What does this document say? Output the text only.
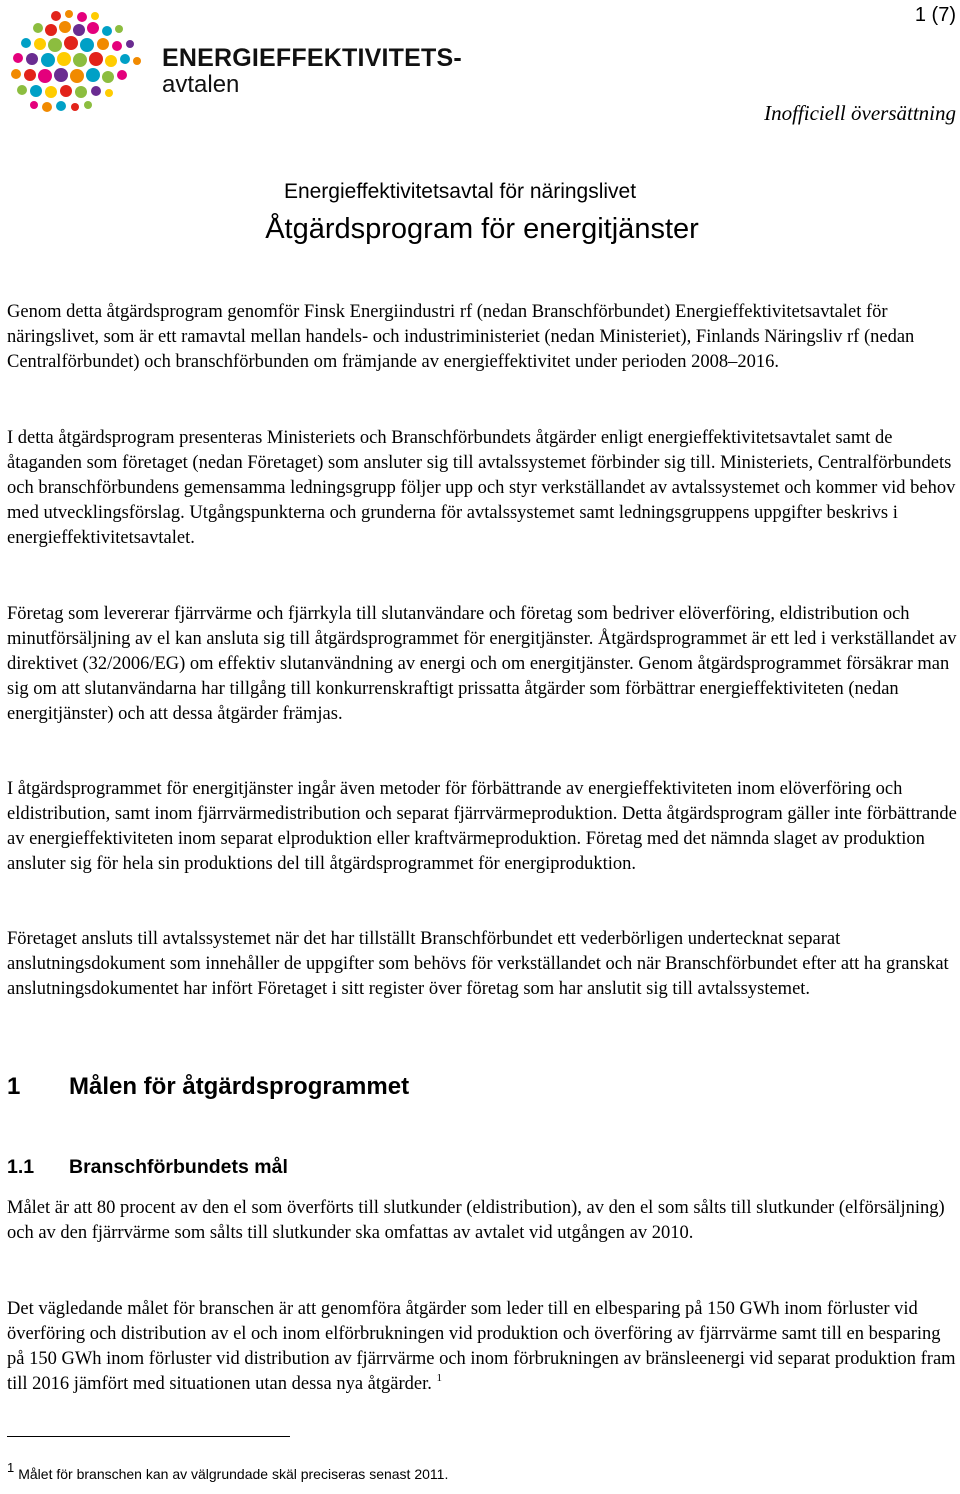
ENERGIEFFEKTIVITETS-
avtalen
1 (7)
Inofficiell översättning
Energieffektivitetsavtal för näringslivet
Åtgärdsprogram för energitjänster

Genom detta åtgärdsprogram genomför Finsk Energiindustri rf (nedan Branschförbundet) Energieffektivitetsavtalet för näringslivet, som är ett ramavtal mellan handels- och industriministeriet (nedan Ministeriet), Finlands Näringsliv rf (nedan Centralförbundet) och branschförbunden om främjande av energieffektivitet under perioden 2008–2016.

I detta åtgärdsprogram presenteras Ministeriets och Branschförbundets åtgärder enligt energieffektivitetsavtalet samt de åtaganden som företaget (nedan Företaget) som ansluter sig till avtalssystemet förbinder sig till. Ministeriets, Centralförbundets och branschförbundens gemensamma ledningsgrupp följer upp och styr verkställandet av avtalssystemet och kommer vid behov med utvecklingsförslag. Utgångspunkterna och grunderna för avtalssystemet samt ledningsgruppens uppgifter beskrivs i energieffektivitetsavtalet.

Företag som levererar fjärrvärme och fjärrkyla till slutanvändare och företag som bedriver elöverföring, eldistribution och minutförsäljning av el kan ansluta sig till åtgärdsprogrammet för energitjänster. Åtgärdsprogrammet är ett led i verkställandet av direktivet (32/2006/EG) om effektiv slutanvändning av energi och om energitjänster. Genom åtgärdsprogrammet försäkrar man sig om att slutanvändarna har tillgång till konkurrenskraftigt prissatta åtgärder som förbättrar energieffektiviteten (nedan energitjänster) och att dessa åtgärder främjas.

I åtgärdsprogrammet för energitjänster ingår även metoder för förbättrande av energieffektiviteten inom elöverföring och eldistribution, samt inom fjärrvärmedistribution och separat fjärrvärmeproduktion. Detta åtgärdsprogram gäller inte förbättrande av energieffektiviteten inom separat elproduktion eller kraftvärmeproduktion. Företag med det nämnda slaget av produktion ansluter sig för hela sin produktions del till åtgärdsprogrammet för energiproduktion.

Företaget ansluts till avtalssystemet när det har tillställt Branschförbundet ett vederbörligen undertecknat separat anslutningsdokument som innehåller de uppgifter som behövs för verkställandet och när Branschförbundet efter att ha granskat anslutningsdokumentet har infört Företaget i sitt register över företag som har anslutit sig till avtalssystemet.

1 Målen för åtgärdsprogrammet
1.1 Branschförbundets mål

Målet är att 80 procent av den el som överförts till slutkunder (eldistribution), av den el som sålts till slutkunder (elförsäljning) och av den fjärrvärme som sålts till slutkunder ska omfattas av avtalet vid utgången av 2010.

Det vägledande målet för branschen är att genomföra åtgärder som leder till en elbesparing på 150 GWh inom förluster vid överföring och distribution av el och inom elförbrukningen vid produktion och överföring av fjärrvärme samt till en besparing på 150 GWh inom förluster vid distribution av fjärrvärme och inom förbrukningen av bränsleenergi vid separat produktion fram till 2016 jämfört med situationen utan dessa nya åtgärder. $^1$

1 Målet för branschen kan av välgrundade skäl preciseras senast 2011.
